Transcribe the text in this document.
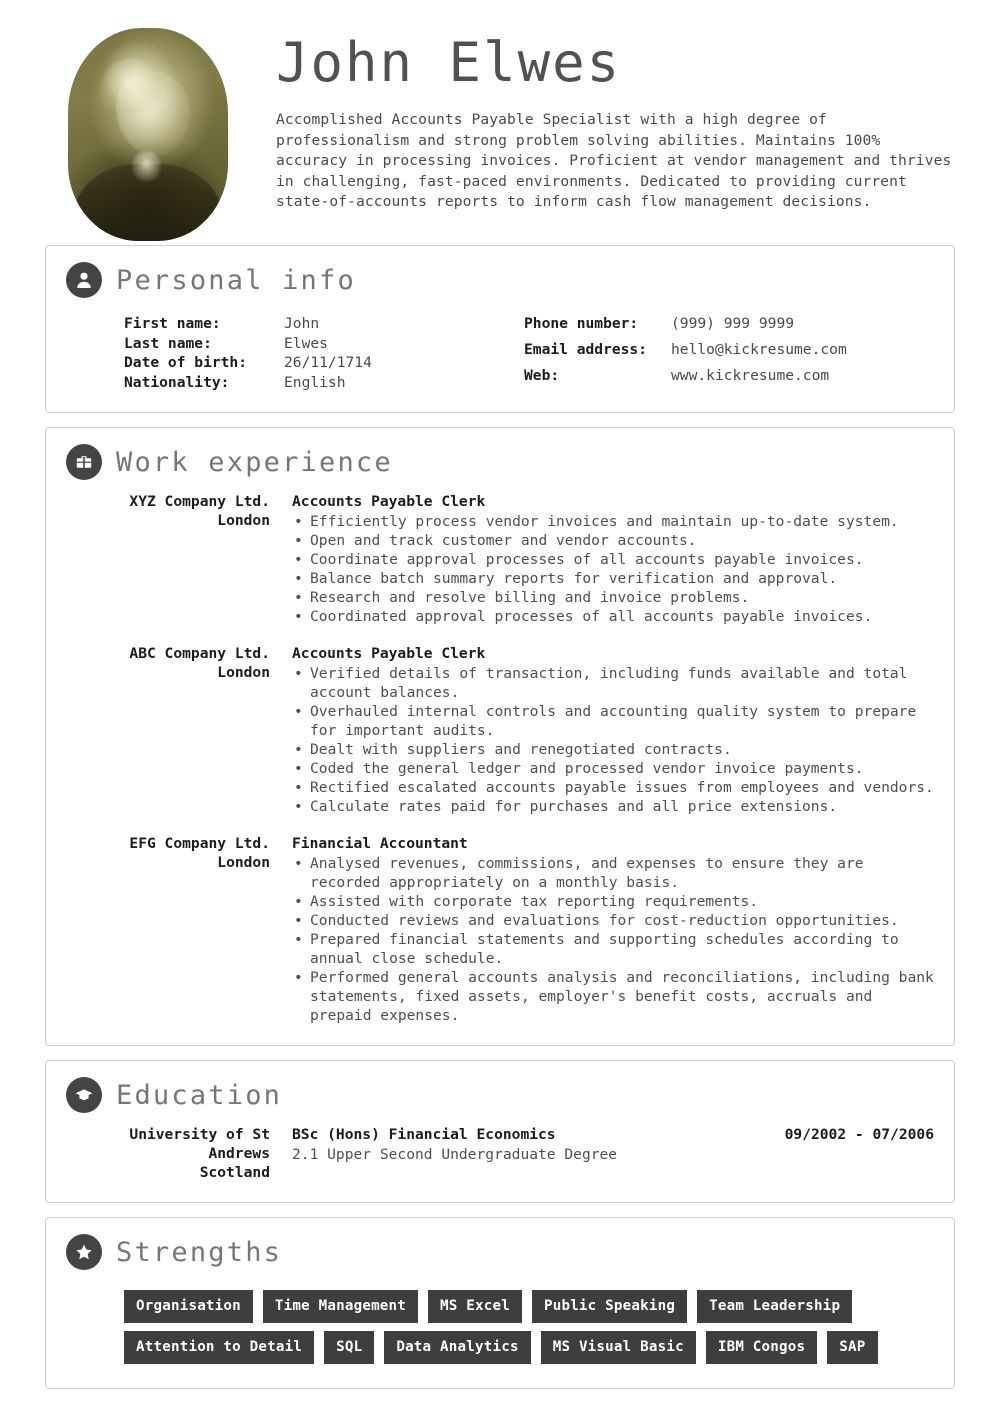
John Elwes
Accomplished Accounts Payable Specialist with a high degree of professionalism and strong problem solving abilities. Maintains 100% accuracy in processing invoices. Proficient at vendor management and thrives in challenging, fast-paced environments. Dedicated to providing current state-of-accounts reports to inform cash flow management decisions.
Personal info
First name:	John
Last name:	Elwes
Date of birth:	26/11/1714
Nationality:	English
Phone number:	(999) 999 9999
Email address:	hello@kickresume.com
Web:	www.kickresume.com
Work experience
XYZ Company Ltd.
London
Accounts Payable Clerk
• Efficiently process vendor invoices and maintain up-to-date system.
• Open and track customer and vendor accounts.
• Coordinate approval processes of all accounts payable invoices.
• Balance batch summary reports for verification and approval.
• Research and resolve billing and invoice problems.
• Coordinated approval processes of all accounts payable invoices.
ABC Company Ltd.
London
Accounts Payable Clerk
• Verified details of transaction, including funds available and total account balances.
• Overhauled internal controls and accounting quality system to prepare for important audits.
• Dealt with suppliers and renegotiated contracts.
• Coded the general ledger and processed vendor invoice payments.
• Rectified escalated accounts payable issues from employees and vendors.
• Calculate rates paid for purchases and all price extensions.
EFG Company Ltd.
London
Financial Accountant
• Analysed revenues, commissions, and expenses to ensure they are recorded appropriately on a monthly basis.
• Assisted with corporate tax reporting requirements.
• Conducted reviews and evaluations for cost-reduction opportunities.
• Prepared financial statements and supporting schedules according to annual close schedule.
• Performed general accounts analysis and reconciliations, including bank statements, fixed assets, employer's benefit costs, accruals and prepaid expenses.
Education
University of St
Andrews
Scotland
BSc (Hons) Financial Economics
2.1 Upper Second Undergraduate Degree
09/2002 - 07/2006
Strengths
Organisation	Time Management	MS Excel	Public Speaking	Team Leadership
Attention to Detail	SQL	Data Analytics	MS Visual Basic	IBM Congos	SAP
